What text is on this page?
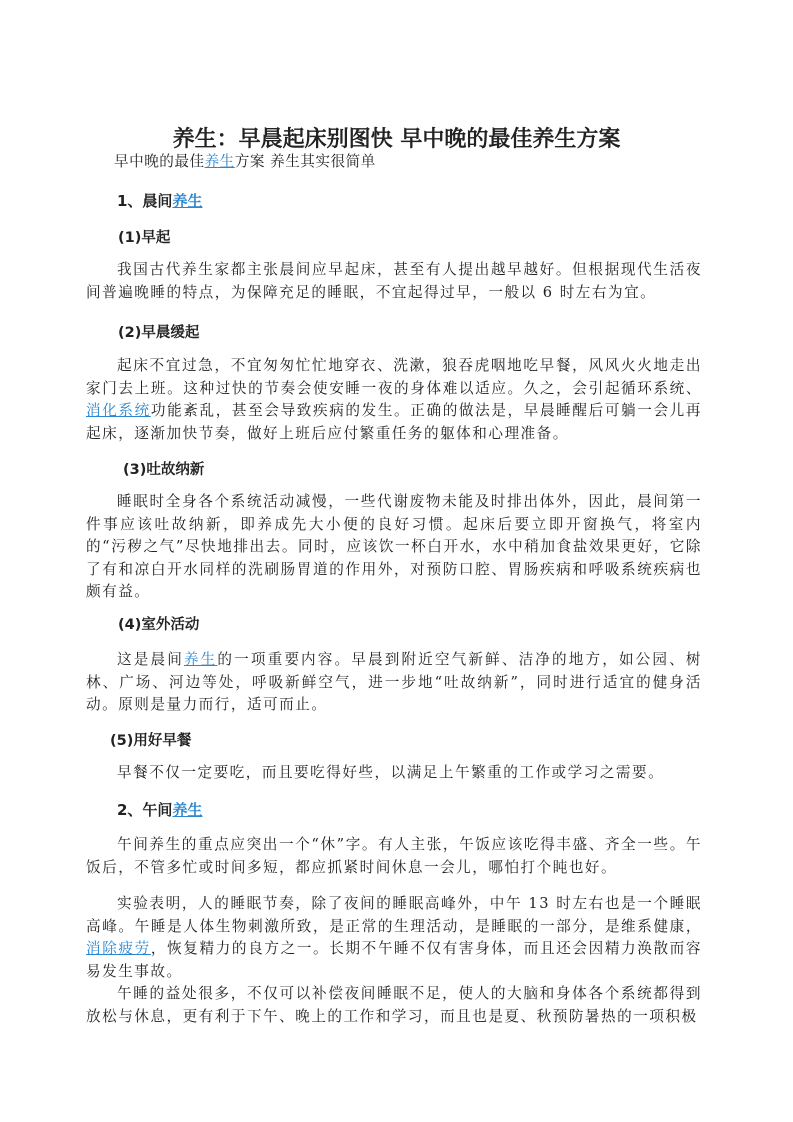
养生：早晨起床别图快 早中晚的最佳养生方案
早中晚的最佳养生方案 养生其实很简单
1、晨间养生
(1)早起
我国古代养生家都主张晨间应早起床，甚至有人提出越早越好。但根据现代生活夜间普遍晚睡的特点，为保障充足的睡眠，不宜起得过早，一般以 6 时左右为宜。
(2)早晨缓起
起床不宜过急，不宜匆匆忙忙地穿衣、洗漱，狼吞虎咽地吃早餐，风风火火地走出家门去上班。这种过快的节奏会使安睡一夜的身体难以适应。久之，会引起循环系统、消化系统功能紊乱，甚至会导致疾病的发生。正确的做法是，早晨睡醒后可躺一会儿再起床，逐渐加快节奏，做好上班后应付繁重任务的躯体和心理准备。
(3)吐故纳新
睡眠时全身各个系统活动减慢，一些代谢废物未能及时排出体外，因此，晨间第一件事应该吐故纳新，即养成先大小便的良好习惯。起床后要立即开窗换气，将室内的“污秽之气”尽快地排出去。同时，应该饮一杯白开水，水中稍加食盐效果更好，它除了有和凉白开水同样的洗刷肠胃道的作用外，对预防口腔、胃肠疾病和呼吸系统疾病也颇有益。
(4)室外活动
这是晨间养生的一项重要内容。早晨到附近空气新鲜、洁净的地方，如公园、树林、广场、河边等处，呼吸新鲜空气，进一步地“吐故纳新”，同时进行适宜的健身活动。原则是量力而行，适可而止。
(5)用好早餐
早餐不仅一定要吃，而且要吃得好些，以满足上午繁重的工作或学习之需要。
2、午间养生
午间养生的重点应突出一个“休”字。有人主张，午饭应该吃得丰盛、齐全一些。午饭后，不管多忙或时间多短，都应抓紧时间休息一会儿，哪怕打个盹也好。
实验表明，人的睡眠节奏，除了夜间的睡眠高峰外，中午 13 时左右也是一个睡眠高峰。午睡是人体生物刺激所致，是正常的生理活动，是睡眠的一部分，是维系健康，消除疲劳，恢复精力的良方之一。长期不午睡不仅有害身体，而且还会因精力涣散而容易发生事故。
午睡的益处很多，不仅可以补偿夜间睡眠不足，使人的大脑和身体各个系统都得到放松与休息，更有利于下午、晚上的工作和学习，而且也是夏、秋预防暑热的一项积极
